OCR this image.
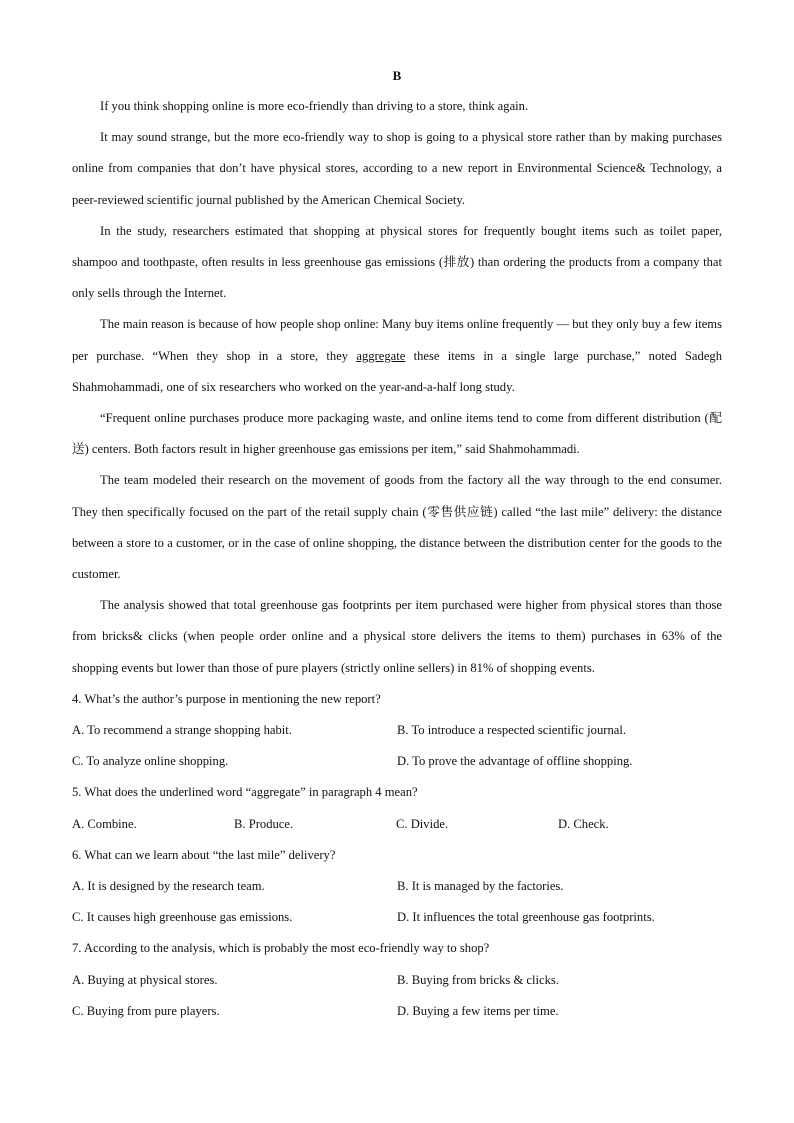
B

If you think shopping online is more eco-friendly than driving to a store, think again.

It may sound strange, but the more eco-friendly way to shop is going to a physical store rather than by making purchases online from companies that don’t have physical stores, according to a new report in Environmental Science& Technology, a peer-reviewed scientific journal published by the American Chemical Society.

In the study, researchers estimated that shopping at physical stores for frequently bought items such as toilet paper, shampoo and toothpaste, often results in less greenhouse gas emissions (排放) than ordering the products from a company that only sells through the Internet.

The main reason is because of how people shop online: Many buy items online frequently — but they only buy a few items per purchase. “When they shop in a store, they aggregate these items in a single large purchase,” noted Sadegh Shahmohammadi, one of six researchers who worked on the year-and-a-half long study.

“Frequent online purchases produce more packaging waste, and online items tend to come from different distribution (配送) centers. Both factors result in higher greenhouse gas emissions per item,” said Shahmohammadi.

The team modeled their research on the movement of goods from the factory all the way through to the end consumer. They then specifically focused on the part of the retail supply chain (零售供应链) called “the last mile” delivery: the distance between a store to a customer, or in the case of online shopping, the distance between the distribution center for the goods to the customer.

The analysis showed that total greenhouse gas footprints per item purchased were higher from physical stores than those from bricks& clicks (when people order online and a physical store delivers the items to them) purchases in 63% of the shopping events but lower than those of pure players (strictly online sellers) in 81% of shopping events.

4. What’s the author’s purpose in mentioning the new report?

A. To recommend a strange shopping habit.	B. To introduce a respected scientific journal.
C. To analyze online shopping.	D. To prove the advantage of offline shopping.

5. What does the underlined word “aggregate” in paragraph 4 mean?

A. Combine.	B. Produce.	C. Divide.	D. Check.

6. What can we learn about “the last mile” delivery?

A. It is designed by the research team.	B. It is managed by the factories.
C. It causes high greenhouse gas emissions.	D. It influences the total greenhouse gas footprints.

7. According to the analysis, which is probably the most eco-friendly way to shop?

A. Buying at physical stores.	B. Buying from bricks & clicks.
C. Buying from pure players.	D. Buying a few items per time.
